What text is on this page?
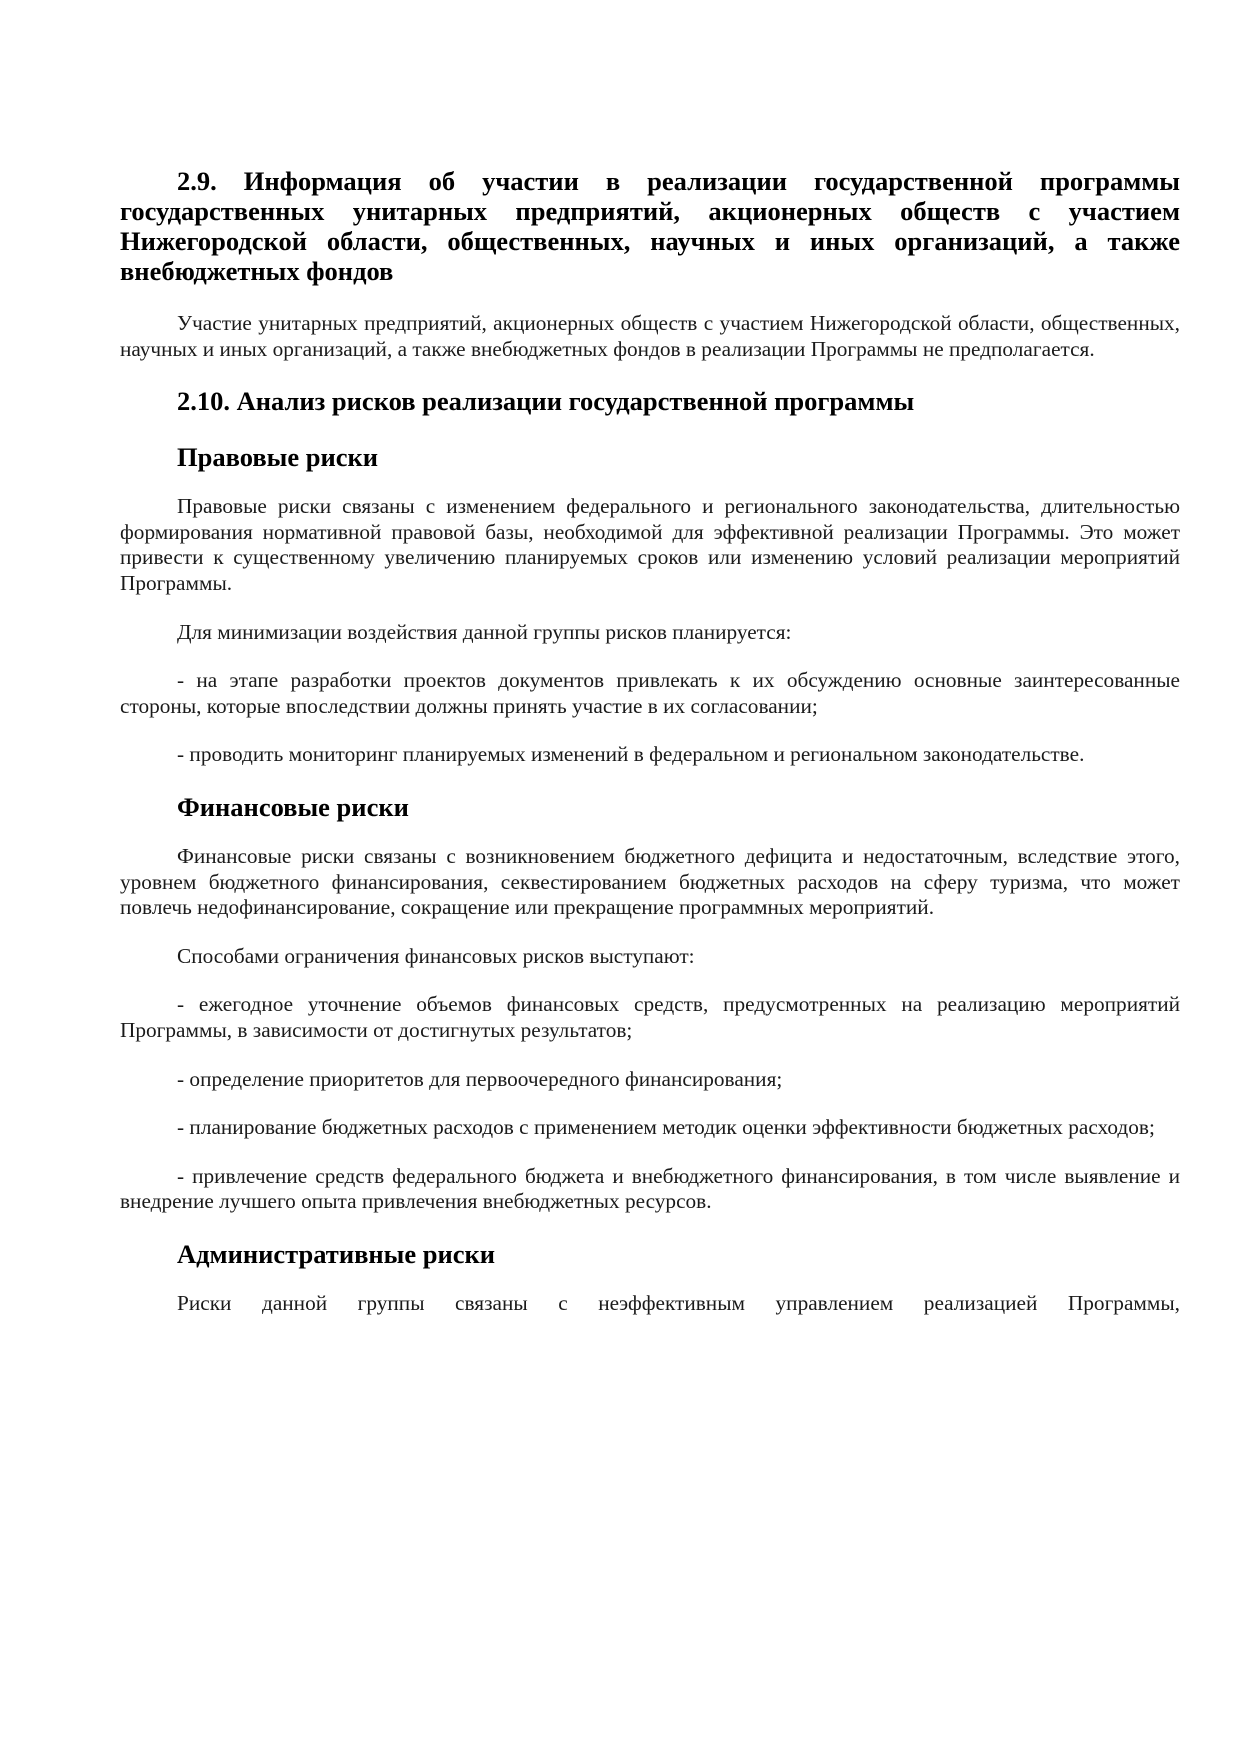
2.9. Информация об участии в реализации государственной программы государственных унитарных предприятий, акционерных обществ с участием Нижегородской области, общественных, научных и иных организаций, а также внебюджетных фондов

Участие унитарных предприятий, акционерных обществ с участием Нижегородской области, общественных, научных и иных организаций, а также внебюджетных фондов в реализации Программы не предполагается.

2.10. Анализ рисков реализации государственной программы
Правовые риски

Правовые риски связаны с изменением федерального и регионального законодательства, длительностью формирования нормативной правовой базы, необходимой для эффективной реализации Программы. Это может привести к существенному увеличению планируемых сроков или изменению условий реализации мероприятий Программы.

Для минимизации воздействия данной группы рисков планируется:

- на этапе разработки проектов документов привлекать к их обсуждению основные заинтересованные стороны, которые впоследствии должны принять участие в их согласовании;

- проводить мониторинг планируемых изменений в федеральном и региональном законодательстве.

Финансовые риски

Финансовые риски связаны с возникновением бюджетного дефицита и недостаточным, вследствие этого, уровнем бюджетного финансирования, секвестированием бюджетных расходов на сферу туризма, что может повлечь недофинансирование, сокращение или прекращение программных мероприятий.

Способами ограничения финансовых рисков выступают:

- ежегодное уточнение объемов финансовых средств, предусмотренных на реализацию мероприятий Программы, в зависимости от достигнутых результатов;

- определение приоритетов для первоочередного финансирования;

- планирование бюджетных расходов с применением методик оценки эффективности бюджетных расходов;

- привлечение средств федерального бюджета и внебюджетного финансирования, в том числе выявление и внедрение лучшего опыта привлечения внебюджетных ресурсов.

Административные риски

Риски данной группы связаны с неэффективным управлением реализацией Программы,
